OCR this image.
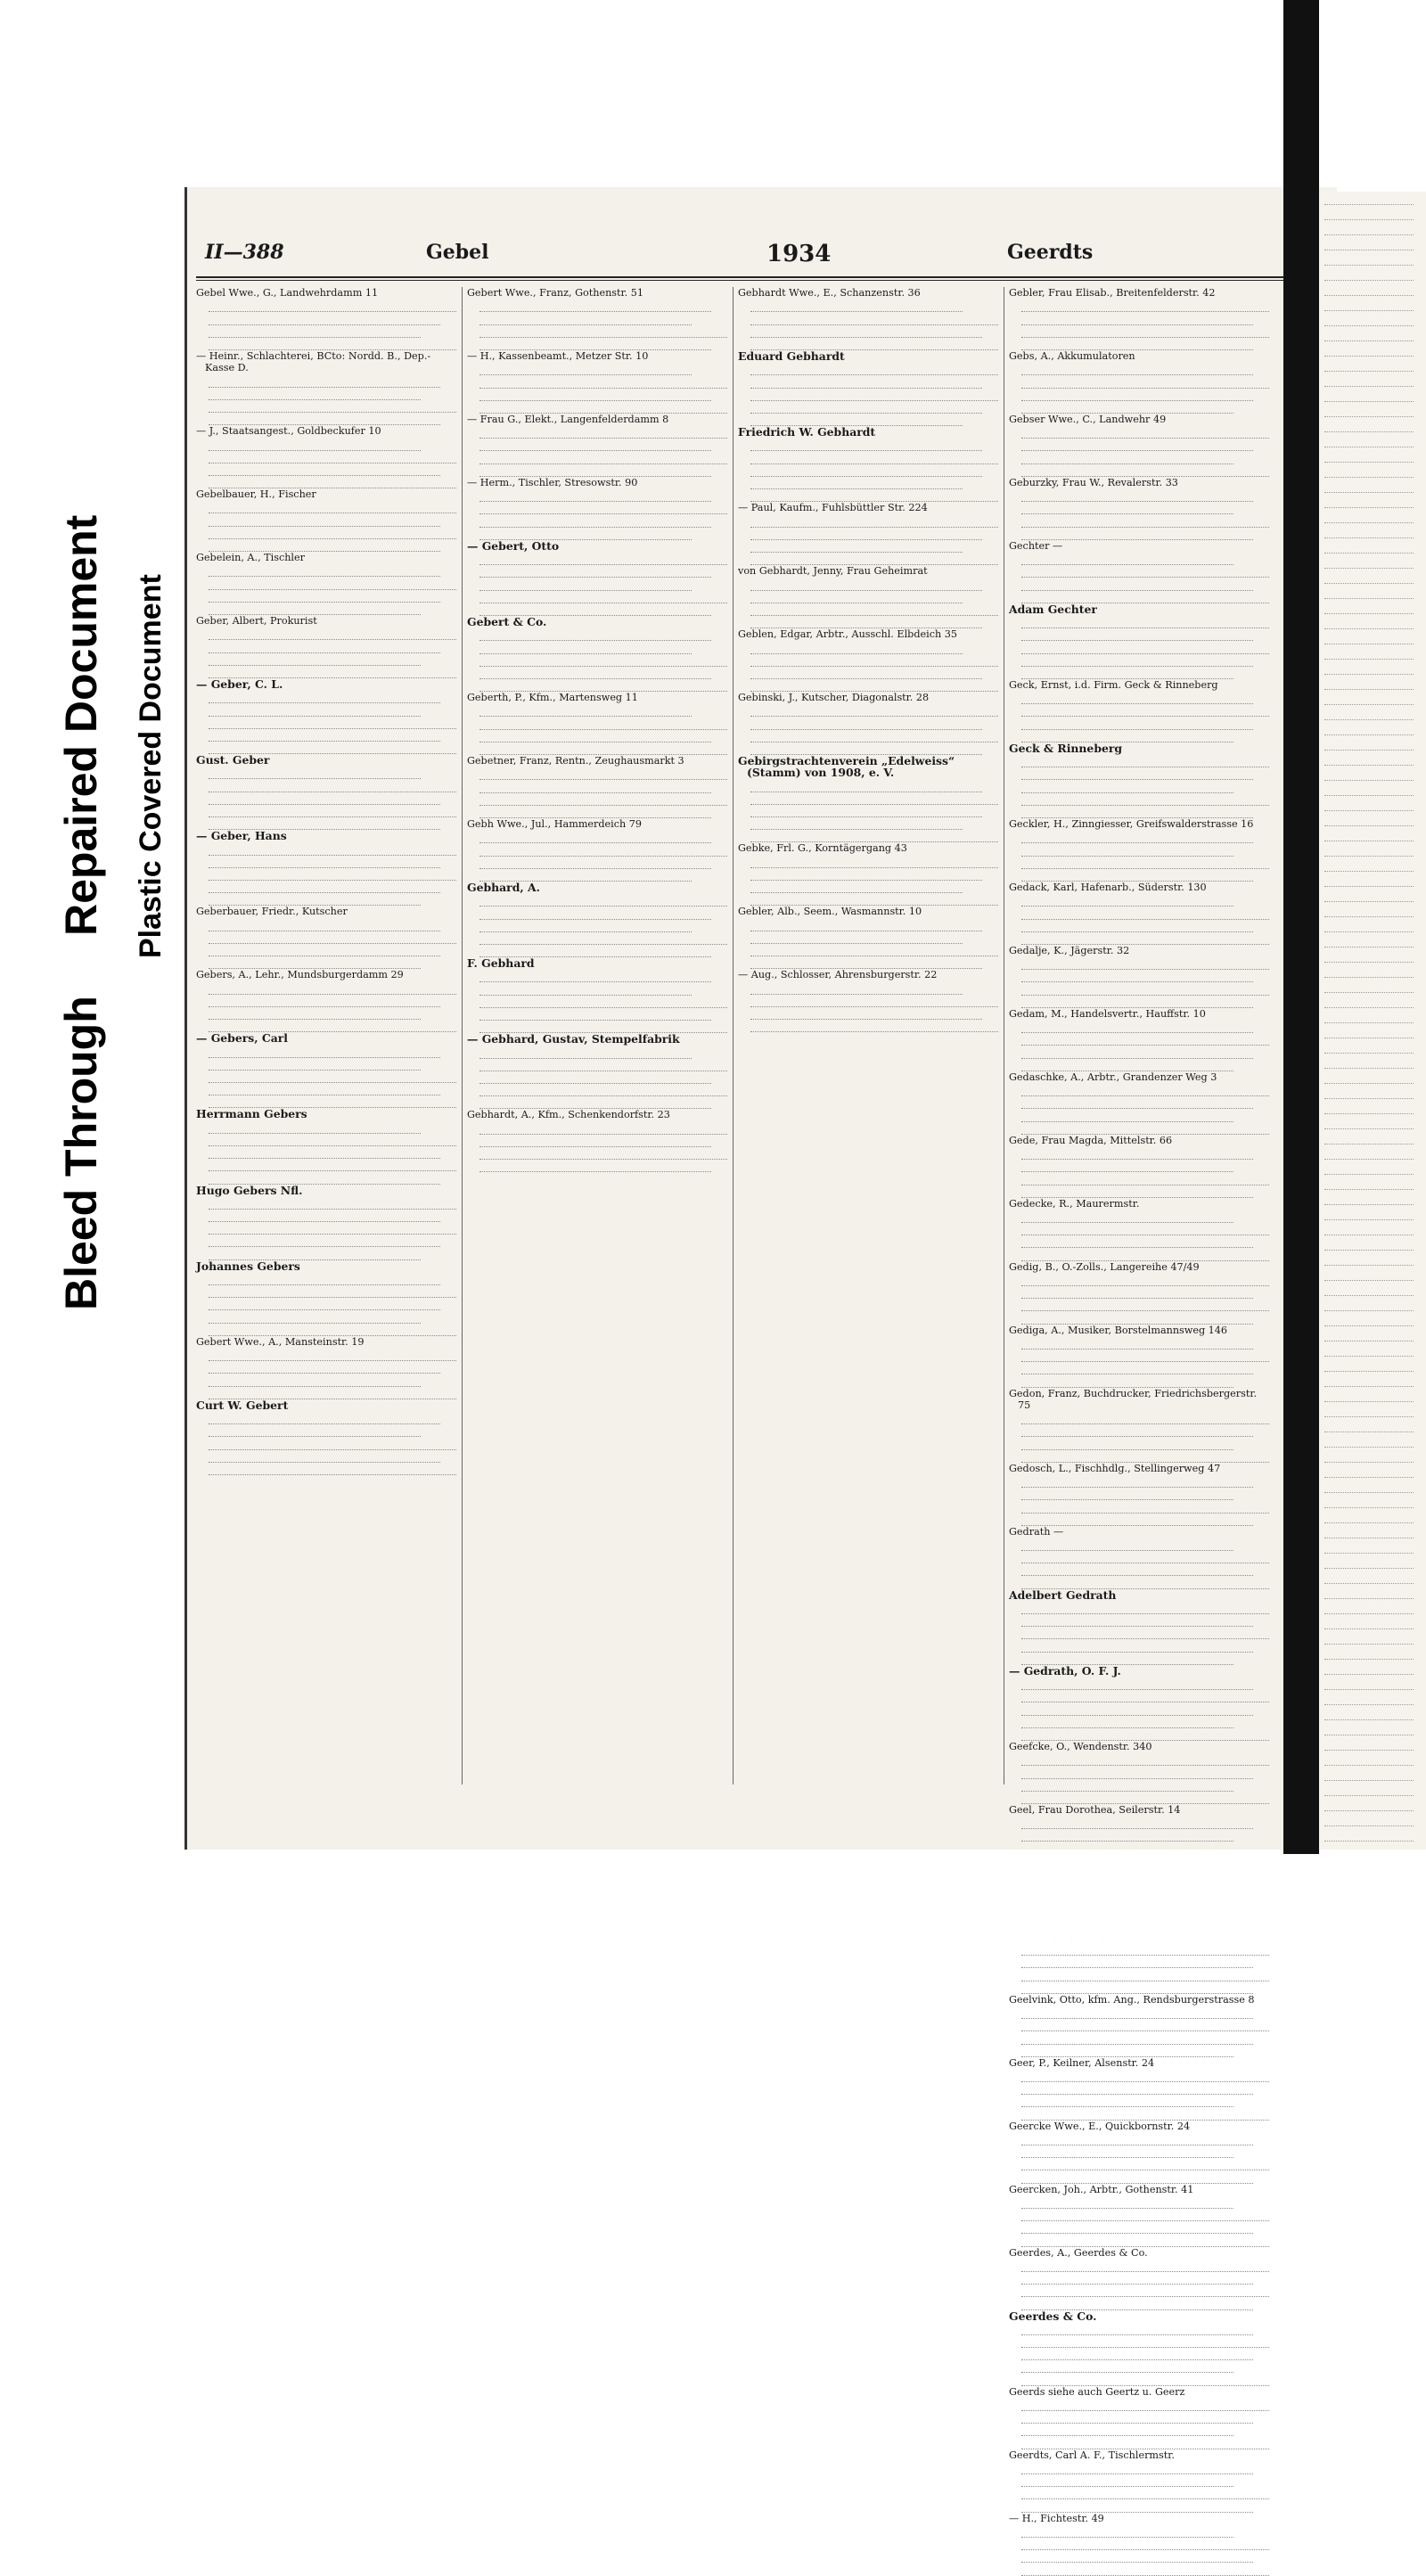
Bleed Through
Repaired Document Plastic Covered Document
II—388	Gebel	1934	Geerdts
Gebel Wwe., G., Landwehrdamm 11
— Heinr., Schlachterei, BCto: Nordd. B., Dep.-Kasse D.
— J., Staatsangest., Goldbeckufer 10
Gebelbauer, H., Fischer
Gebelein, A., Tischler
Geber, Albert, Prokurist
— Geber, C. L.
Gust. Geber
— Geber, Hans
Geberbauer, Friedr., Kutscher
Gebers, A., Lehr., Mundsburgerdamm 29
— Gebers, Carl
Herrmann Gebers
Hugo Gebers Nfl.
Johannes Gebers
Gebert Wwe., A., Mansteinstr. 19
Curt W. Gebert
Gebert Wwe., Franz, Gothenstr. 51
— H., Kassenbeamt., Metzer Str. 10
— Frau G., Elekt., Langenfelderdamm 8
— Herm., Tischler, Stresowstr. 90
— Gebert, Otto
Gebert & Co.
Geberth, P., Kfm., Martensweg 11
Gebetner, Franz, Rentn., Zeughausmarkt 3
Gebh Wwe., Jul., Hammerdeich 79
Gebhard, A.
F. Gebhard
— Gebhard, Gustav, Stempelfabrik
Gebhardt, A., Kfm., Schenkendorfstr. 23
Gebhardt Wwe., E., Schanzenstr. 36
Eduard Gebhardt
Friedrich W. Gebhardt
— Paul, Kaufm., Fuhlsbüttler Str. 224
von Gebhardt, Jenny, Frau Geheimrat
Geblen, Edgar, Arbtr., Ausschl. Elbdeich 35
Gebinski, J., Kutscher, Diagonalstr. 28
Gebirgstrachtenverein „Edelweiss“ (Stamm) von 1908, e. V.
Gebke, Frl. G., Korntägergang 43
Gebler, Alb., Seem., Wasmannstr. 10
— Aug., Schlosser, Ahrensburgerstr. 22
Gebler, Frau Elisab., Breitenfelderstr. 42
Gebs, A., Akkumulatoren
Gebser Wwe., C., Landwehr 49
Geburzky, Frau W., Revalerstr. 33
Gechter —
Adam Gechter
Geck, Ernst, i.d. Firm. Geck & Rinneberg
Geck & Rinneberg
Geckler, H., Zinngiesser, Greifswalderstrasse 16
Gedack, Karl, Hafenarb., Süderstr. 130
Gedalje, K., Jägerstr. 32
Gedam, M., Handelsvertr., Hauffstr. 10
Gedaschke, A., Arbtr., Grandenzer Weg 3
Gede, Frau Magda, Mittelstr. 66
Gedecke, R., Maurermstr.
Gedig, B., O.-Zolls., Langereihe 47/49
Gediga, A., Musiker, Borstelmannsweg 146
Gedon, Franz, Buchdrucker, Friedrichsbergerstr. 75
Gedosch, L., Fischhdlg., Stellingerweg 47
Gedrath —
Adelbert Gedrath
— Gedrath, O. F. J.
Geefcke, O., Wendenstr. 340
Geel, Frau Dorothea, Seilerstr. 14
Geelvink, Otto, kfm. Ang., Rendsburgerstrasse 8
Geer, P., Keilner, Alsenstr. 24
Geercke Wwe., E., Quickbornstr. 24
Geercken, Joh., Arbtr., Gothenstr. 41
Geerdes, A., Geerdes & Co.
Geerdes & Co.
Geerds siehe auch Geertz u. Geerz
Geerdts, Carl A. F., Tischlermstr.
— H., Fichtestr. 49
